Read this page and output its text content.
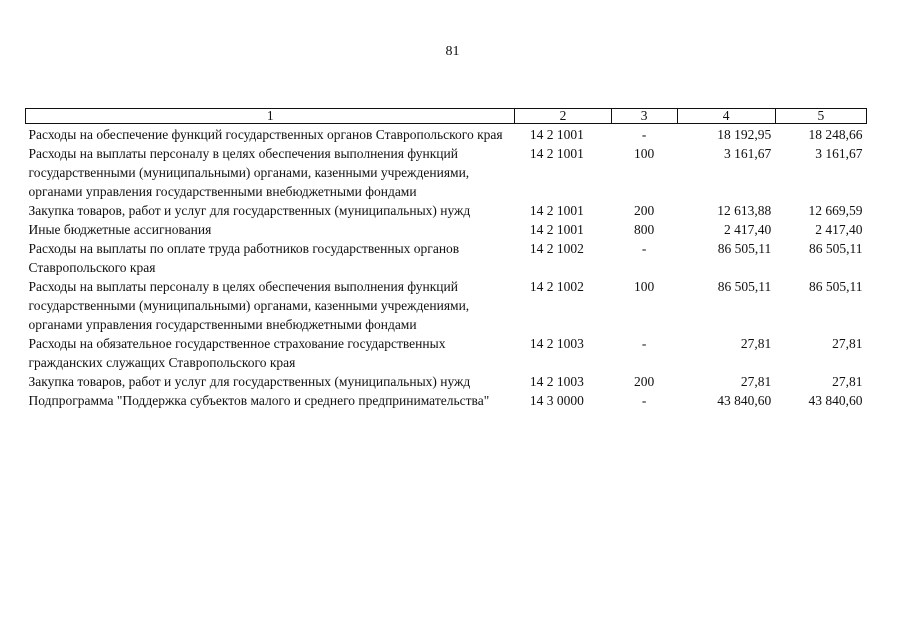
81
1	2	3	4	5
Расходы на обеспечение функций государственных органов Ставропольского края	14 2 1001	-	18 192,95	18 248,66
Расходы на выплаты персоналу в целях обеспечения выполнения функций государственными (муниципальными) органами, казенными учреждениями, органами управления государственными внебюджетными фондами	14 2 1001	100	3 161,67	3 161,67
Закупка товаров, работ и услуг для государственных (муниципальных) нужд	14 2 1001	200	12 613,88	12 669,59
Иные бюджетные ассигнования	14 2 1001	800	2 417,40	2 417,40
Расходы на выплаты по оплате труда работников государственных органов Ставропольского края	14 2 1002	-	86 505,11	86 505,11
Расходы на выплаты персоналу в целях обеспечения выполнения функций государственными (муниципальными) органами, казенными учреждениями, органами управления государственными внебюджетными фондами	14 2 1002	100	86 505,11	86 505,11
Расходы на обязательное государственное страхование государственных гражданских служащих Ставропольского края	14 2 1003	-	27,81	27,81
Закупка товаров, работ и услуг для государственных (муниципальных) нужд	14 2 1003	200	27,81	27,81
Подпрограмма "Поддержка субъектов малого и среднего предпринимательства"	14 3 0000	-	43 840,60	43 840,60
